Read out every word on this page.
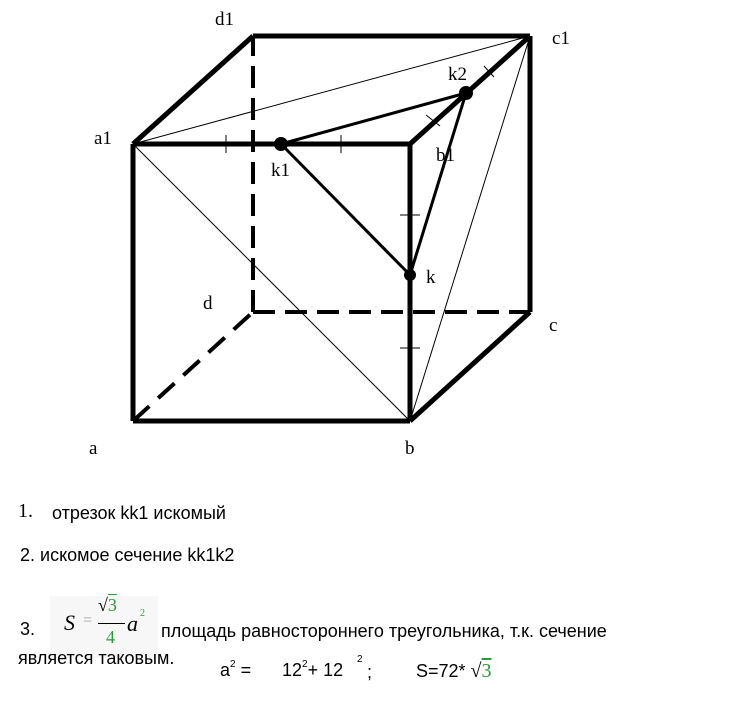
a	b
c
d
a1
b1
c1
d1
k
k1
k2
1. отрезок kk1 искомый
2. искомое сечение kk1k2
3. S =
√3
4
a 2
площадь равностороннего треугольника, т.к. сечение
является таковым.
$a^2 = 12^2+ 12$
2
; S=72* √3
